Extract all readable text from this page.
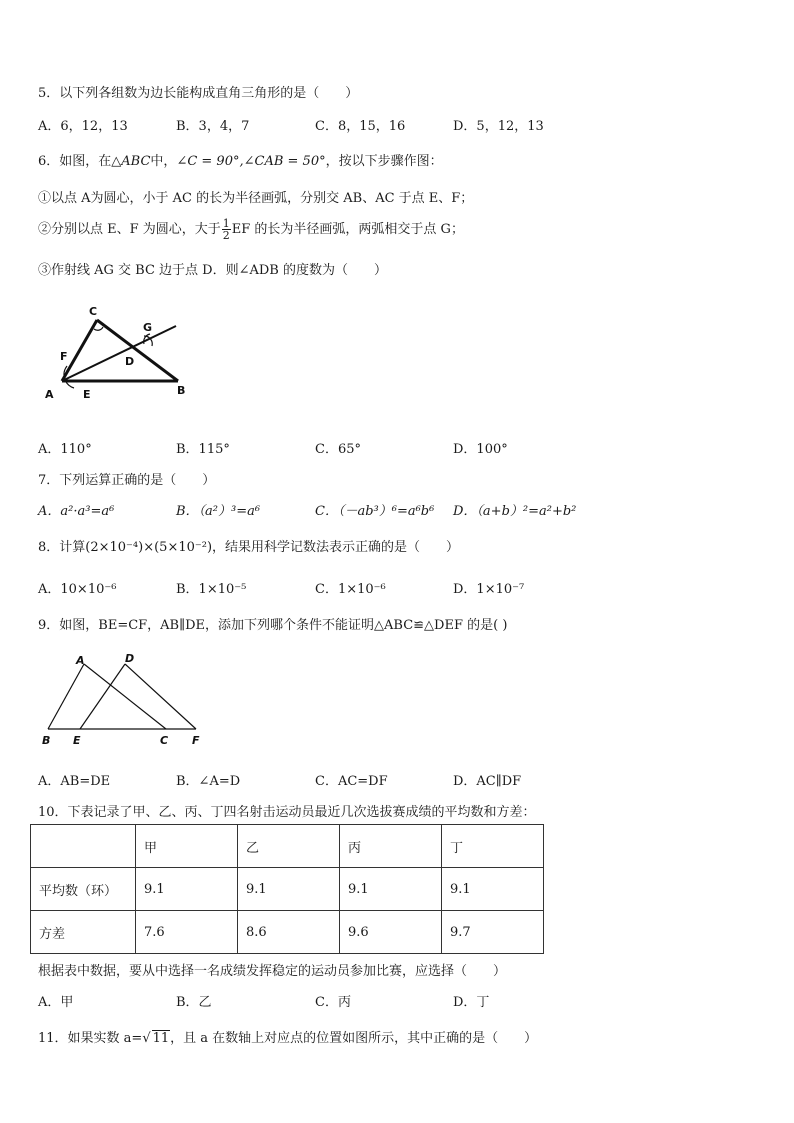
5．以下列各组数为边长能构成直角三角形的是（　　）
A．6，12，13	B．3，4，7	C．8，15，16	D．5，12，13
6．如图，在△ABC中，∠C = 90°,∠CAB = 50°，按以下步骤作图：
①以点 A为圆心，小于 AC 的长为半径画弧，分别交 AB、AC 于点 E、F；
②分别以点 E、F 为圆心，大于 $\frac{1}{2}$ EF 的长为半径画弧，两弧相交于点 G；
③作射线 AG 交 BC 边于点 D．则∠ADB 的度数为（　　）
C
G
F	D
A	E	B
A．110°	B．115°	C．65°	D．100°
7．下列运算正确的是（　　）
A．a²·a³=a⁶	B．（a²）³=a⁶	C．（－ab³）⁶=a⁶b⁶ D．（a+b）²=a²+b²
8．计算(2×10⁻⁴)×(5×10⁻²)，结果用科学记数法表示正确的是（　　）
A．10×10⁻⁶	B．1×10⁻⁵	C．1×10⁻⁶	D．1×10⁻⁷
9．如图，BE=CF，AB∥DE，添加下列哪个条件不能证明△ABC≌△DEF 的是( )
A	D
B E	C F
A．AB=DE	B．∠A=D	C．AC=DF	D．AC∥DF
10．下表记录了甲、乙、丙、丁四名射击运动员最近几次选拔赛成绩的平均数和方差：
	甲	乙	丙	丁
平均数（环）	9.1	9.1	9.1	9.1
方差	7.6	8.6	9.6	9.7
根据表中数据，要从中选择一名成绩发挥稳定的运动员参加比赛，应选择（　　）
A．甲	B．乙	C．丙	D．丁
11．如果实数 a=√ 11，且 a 在数轴上对应点的位置如图所示，其中正确的是（　　）
